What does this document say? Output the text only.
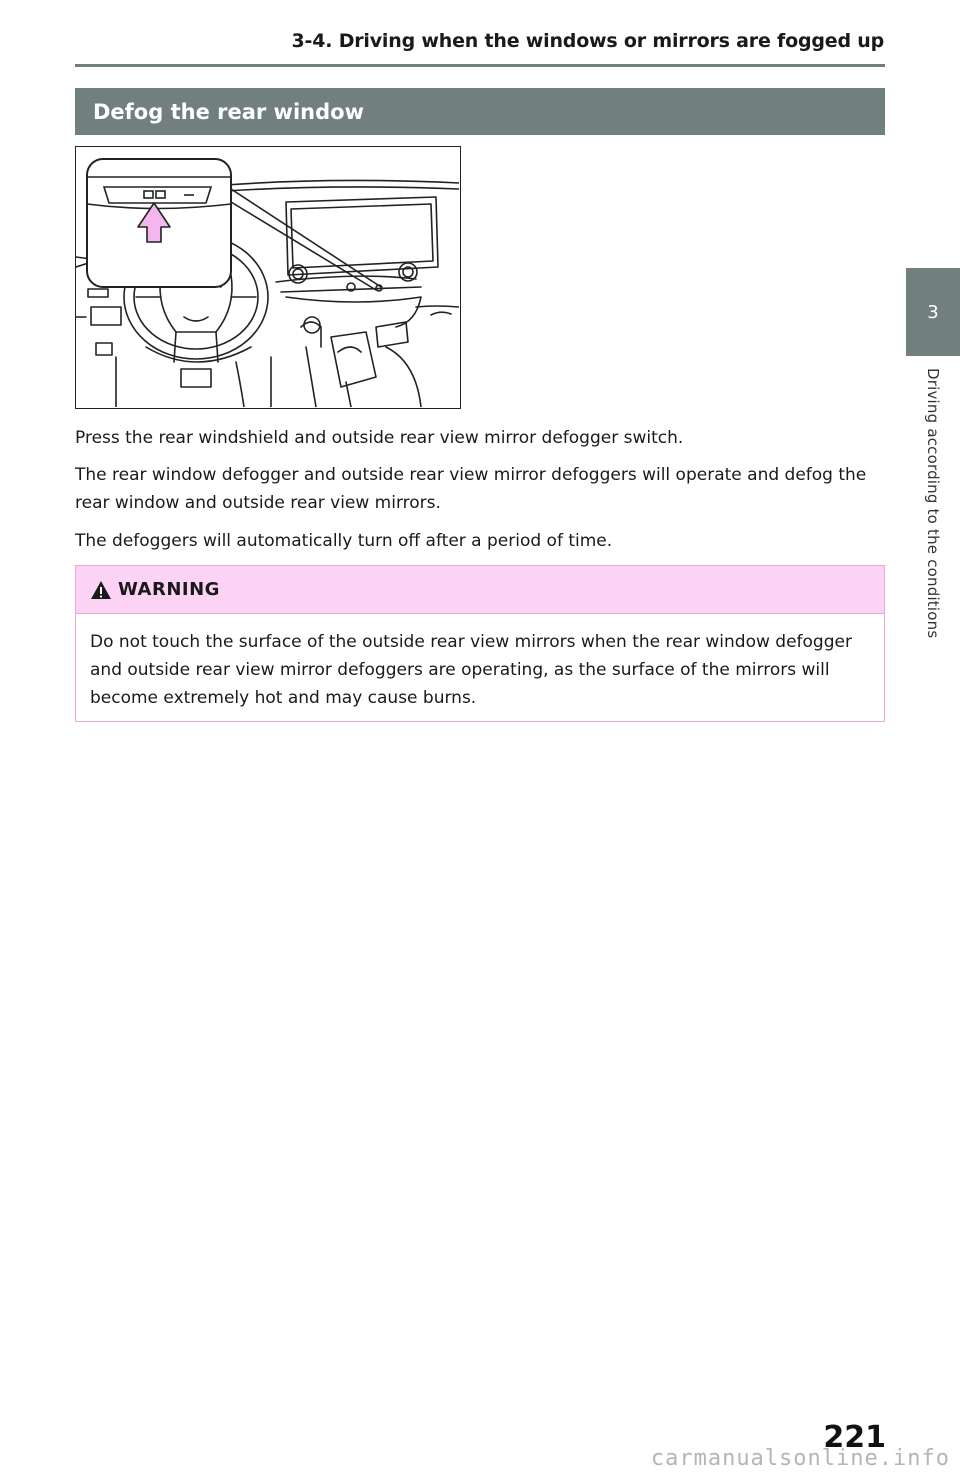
3-4. Driving when the windows or mirrors are fogged up
3
Driving according to the conditions
Defog the rear window

Press the rear windshield and outside rear view mirror defogger switch.

The rear window defogger and outside rear view mirror defoggers will operate and defog the rear window and outside rear view mirrors.

The defoggers will automatically turn off after a period of time.

WARNING
Do not touch the surface of the outside rear view mirrors when the rear window defogger and outside rear view mirror defoggers are operating, as the surface of the mirrors will become extremely hot and may cause burns.
221
carmanualsonline.info
